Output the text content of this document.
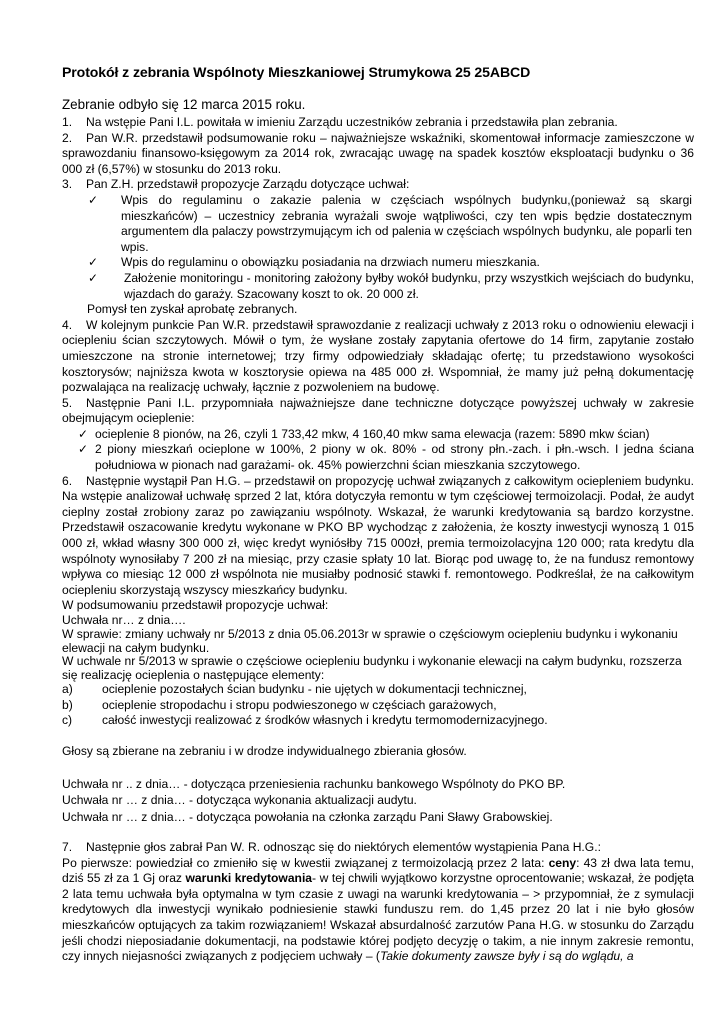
Protokół z zebrania Wspólnoty Mieszkaniowej Strumykowa 25 25ABCD
Zebranie odbyło się 12 marca 2015 roku.

1. Na wstępie Pani I.L. powitała w imieniu Zarządu uczestników zebrania i przedstawiła plan zebrania.

2. Pan W.R. przedstawił podsumowanie roku – najważniejsze wskaźniki, skomentował informacje zamieszczone w sprawozdaniu finansowo-księgowym za 2014 rok, zwracając uwagę na spadek kosztów eksploatacji budynku o 36 000 zł (6,57%) w stosunku do 2013 roku.

3. Pan Z.H. przedstawił propozycje Zarządu dotyczące uchwał:

✓ Wpis do regulaminu o zakazie palenia w częściach wspólnych budynku,(ponieważ są skargi mieszkańców) – uczestnicy zebrania wyrażali swoje wątpliwości, czy ten wpis będzie dostatecznym argumentem dla palaczy powstrzymującym ich od palenia w częściach wspólnych budynku, ale poparli ten wpis.

✓ Wpis do regulaminu o obowiązku posiadania na drzwiach numeru mieszkania.

✓ Założenie monitoringu - monitoring założony byłby wokół budynku, przy wszystkich wejściach do budynku, wjazdach do garaży. Szacowany koszt to ok. 20 000 zł.

Pomysł ten zyskał aprobatę zebranych.

4. W kolejnym punkcie Pan W.R. przedstawił sprawozdanie z realizacji uchwały z 2013 roku o odnowieniu elewacji i ociepleniu ścian szczytowych. Mówił o tym, że wysłane zostały zapytania ofertowe do 14 firm, zapytanie zostało umieszczone na stronie internetowej; trzy firmy odpowiedziały składając ofertę; tu przedstawiono wysokości kosztorysów; najniższa kwota w kosztorysie opiewa na 485 000 zł. Wspomniał, że mamy już pełną dokumentację pozwalająca na realizację uchwały, łącznie z pozwoleniem na budowę.

5. Następnie Pani I.L. przypomniała najważniejsze dane techniczne dotyczące powyższej uchwały w zakresie obejmującym ocieplenie:

✓ ocieplenie 8 pionów, na 26, czyli 1 733,42 mkw, 4 160,40 mkw sama elewacja (razem: 5890 mkw ścian)

✓ 2 piony mieszkań ocieplone w 100%, 2 piony w ok. 80% - od strony płn.-zach. i płn.-wsch. I jedna ściana południowa w pionach nad garażami- ok. 45% powierzchni ścian mieszkania szczytowego.

6. Następnie wystąpił Pan H.G. – przedstawił on propozycję uchwał związanych z całkowitym ociepleniem budynku. Na wstępie analizował uchwałę sprzed 2 lat, która dotyczyła remontu w tym częściowej termoizolacji. Podał, że audyt cieplny został zrobiony zaraz po zawiązaniu wspólnoty. Wskazał, że warunki kredytowania są bardzo korzystne. Przedstawił oszacowanie kredytu wykonane w PKO BP wychodząc z założenia, że koszty inwestycji wynoszą 1 015 000 zł, wkład własny 300 000 zł, więc kredyt wyniósłby 715 000zł, premia termoizolacyjna 120 000; rata kredytu dla wspólnoty wynosiłaby 7 200 zł na miesiąc, przy czasie spłaty 10 lat. Biorąc pod uwagę to, że na fundusz remontowy wpływa co miesiąc 12 000 zł wspólnota nie musiałby podnosić stawki f. remontowego. Podkreślał, że na całkowitym ociepleniu skorzystają wszyscy mieszkańcy budynku.

W podsumowaniu przedstawił propozycje uchwał:

Uchwała nr… z dnia….

W sprawie: zmiany uchwały nr 5/2013 z dnia 05.06.2013r w sprawie o częściowym ociepleniu budynku i wykonaniu elewacji na całym budynku.

W uchwale nr 5/2013 w sprawie o częściowe ociepleniu budynku i wykonanie elewacji na całym budynku, rozszerza się realizację ocieplenia o następujące elementy:

a) ocieplenie pozostałych ścian budynku - nie ujętych w dokumentacji technicznej,

b) ocieplenie stropodachu i stropu podwieszonego w częściach garażowych,

c) całość inwestycji realizować z środków własnych i kredytu termomodernizacyjnego.

Głosy są zbierane na zebraniu i w drodze indywidualnego zbierania głosów.

Uchwała nr .. z dnia… - dotycząca przeniesienia rachunku bankowego Wspólnoty do PKO BP.

Uchwała nr … z dnia… - dotycząca wykonania aktualizacji audytu.

Uchwała nr … z dnia… - dotycząca powołania na członka zarządu Pani Sławy Grabowskiej.

7. Następnie głos zabrał Pan W. R. odnosząc się do niektórych elementów wystąpienia Pana H.G.:

Po pierwsze: powiedział co zmieniło się w kwestii związanej z termoizolacją przez 2 lata: ceny: 43 zł dwa lata temu, dziś 55 zł za 1 Gj oraz warunki kredytowania- w tej chwili wyjątkowo korzystne oprocentowanie; wskazał, że podjęta 2 lata temu uchwała była optymalna w tym czasie z uwagi na warunki kredytowania – > przypomniał, że z symulacji kredytowych dla inwestycji wynikało podniesienie stawki funduszu rem. do 1,45 przez 20 lat i nie było głosów mieszkańców optujących za takim rozwiązaniem! Wskazał absurdalność zarzutów Pana H.G. w stosunku do Zarządu jeśli chodzi nieposiadanie dokumentacji, na podstawie której podjęto decyzję o takim, a nie innym zakresie remontu, czy innych niejasności związanych z podjęciem uchwały – (Takie dokumenty zawsze były i są do wglądu, a
